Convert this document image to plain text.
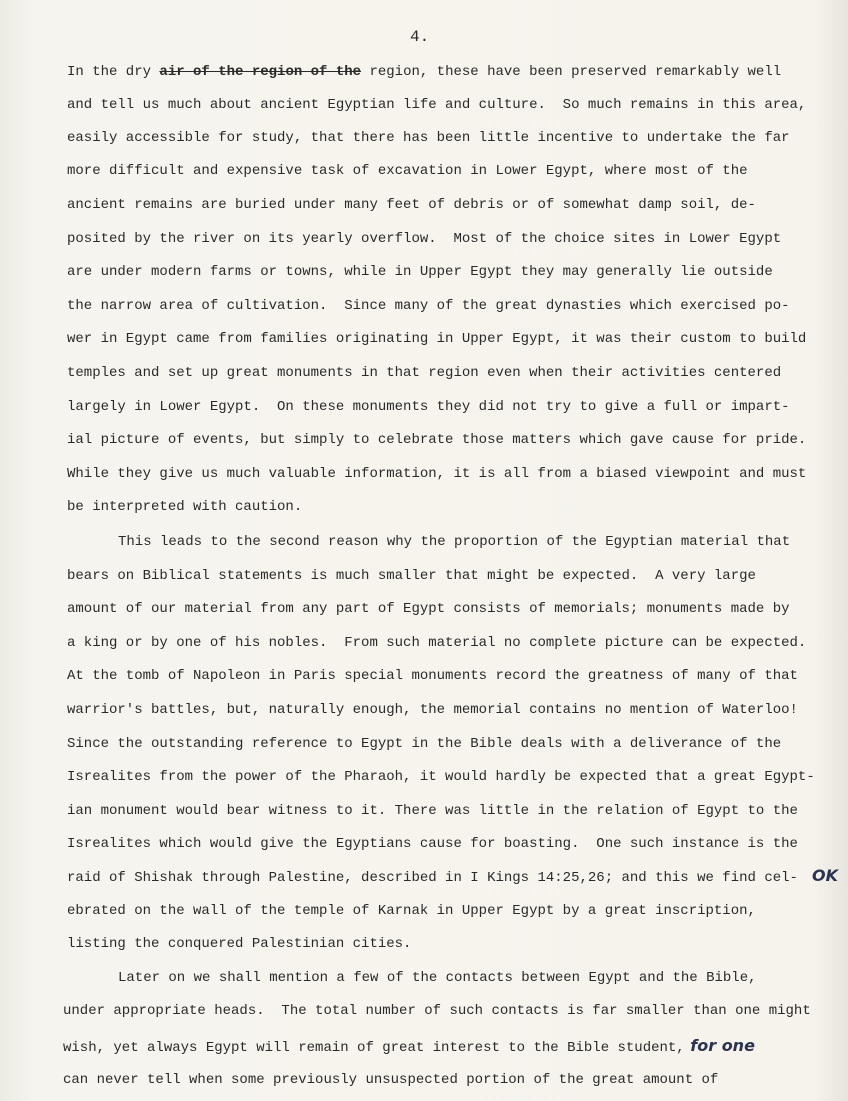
4.
In the dry air of the region of the region, these have been preserved remarkably well
and tell us much about ancient Egyptian life and culture.  So much remains in this area,
easily accessible for study, that there has been little incentive to undertake the far
more difficult and expensive task of excavation in Lower Egypt, where most of the
ancient remains are buried under many feet of debris or of somewhat damp soil, de-
posited by the river on its yearly overflow.  Most of the choice sites in Lower Egypt
are under modern farms or towns, while in Upper Egypt they may generally lie outside
the narrow area of cultivation.  Since many of the great dynasties which exercised po-
wer in Egypt came from families originating in Upper Egypt, it was their custom to build
temples and set up great monuments in that region even when their activities centered
largely in Lower Egypt.  On these monuments they did not try to give a full or impart-
ial picture of events, but simply to celebrate those matters which gave cause for pride.
While they give us much valuable information, it is all from a biased viewpoint and must
be interpreted with caution.
This leads to the second reason why the proportion of the Egyptian material that
bears on Biblical statements is much smaller that might be expected.  A very large
amount of our material from any part of Egypt consists of memorials; monuments made by
a king or by one of his nobles.  From such material no complete picture can be expected.
At the tomb of Napoleon in Paris special monuments record the greatness of many of that
warrior's battles, but, naturally enough, the memorial contains no mention of Waterloo!
Since the outstanding reference to Egypt in the Bible deals with a deliverance of the
Isrealites from the power of the Pharaoh, it would hardly be expected that a great Egypt-
ian monument would bear witness to it. There was little in the relation of Egypt to the
Isrealites which would give the Egyptians cause for boasting.  One such instance is the
raid of Shishak through Palestine, described in I Kings 14:25,26; and this we find cel-
ebrated on the wall of the temple of Karnak in Upper Egypt by a great inscription,
listing the conquered Palestinian cities.
Later on we shall mention a few of the contacts between Egypt and the Bible,
under appropriate heads.  The total number of such contacts is far smaller than one might
wish, yet always Egypt will remain of great interest to the Bible student, for one
can never tell when some previously unsuspected portion of the great amount of
OK
